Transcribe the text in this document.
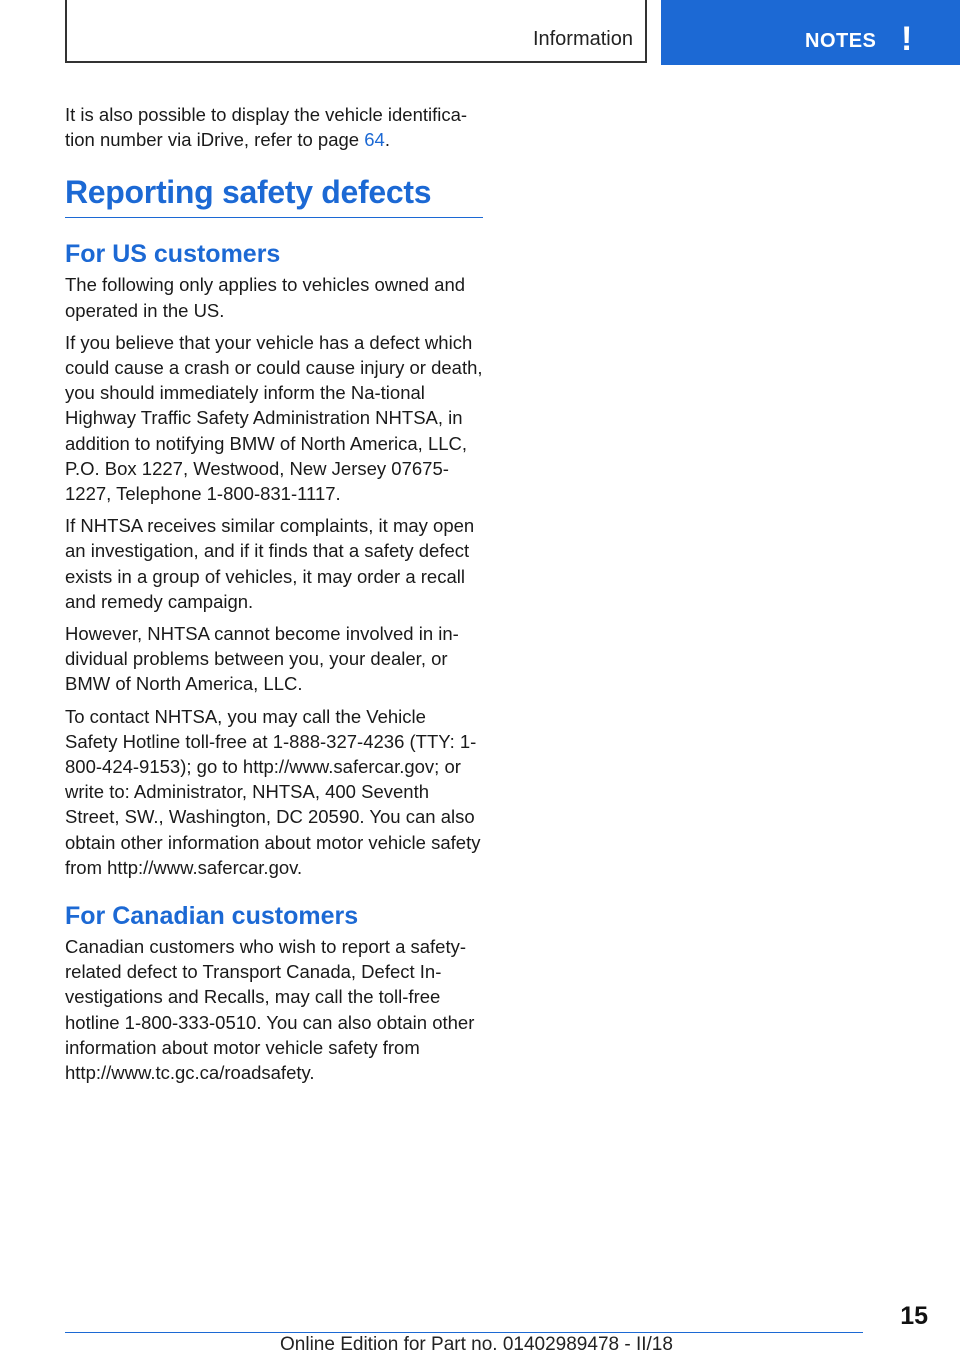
Information	NOTES !

It is also possible to display the vehicle identifica-tion number via iDrive, refer to page 64.

Reporting safety defects
For US customers

The following only applies to vehicles owned and operated in the US.

If you believe that your vehicle has a defect which could cause a crash or could cause injury or death, you should immediately inform the Na-tional Highway Traffic Safety Administration NHTSA, in addition to notifying BMW of North America, LLC, P.O. Box 1227, Westwood, New Jersey 07675-1227, Telephone 1-800-831-1117.

If NHTSA receives similar complaints, it may open an investigation, and if it finds that a safety defect exists in a group of vehicles, it may order a recall and remedy campaign.

However, NHTSA cannot become involved in in-dividual problems between you, your dealer, or BMW of North America, LLC.

To contact NHTSA, you may call the Vehicle Safety Hotline toll-free at 1-888-327-4236 (TTY: 1-800-424-9153); go to http://www.safercar.gov; or write to: Administrator, NHTSA, 400 Seventh Street, SW., Washington, DC 20590. You can also obtain other information about motor vehicle safety from http://www.safercar.gov.

For Canadian customers

Canadian customers who wish to report a safety-related defect to Transport Canada, Defect In-vestigations and Recalls, may call the toll-free hotline 1-800-333-0510. You can also obtain other information about motor vehicle safety from http://www.tc.gc.ca/roadsafety.

15
Online Edition for Part no. 01402989478 - II/18
